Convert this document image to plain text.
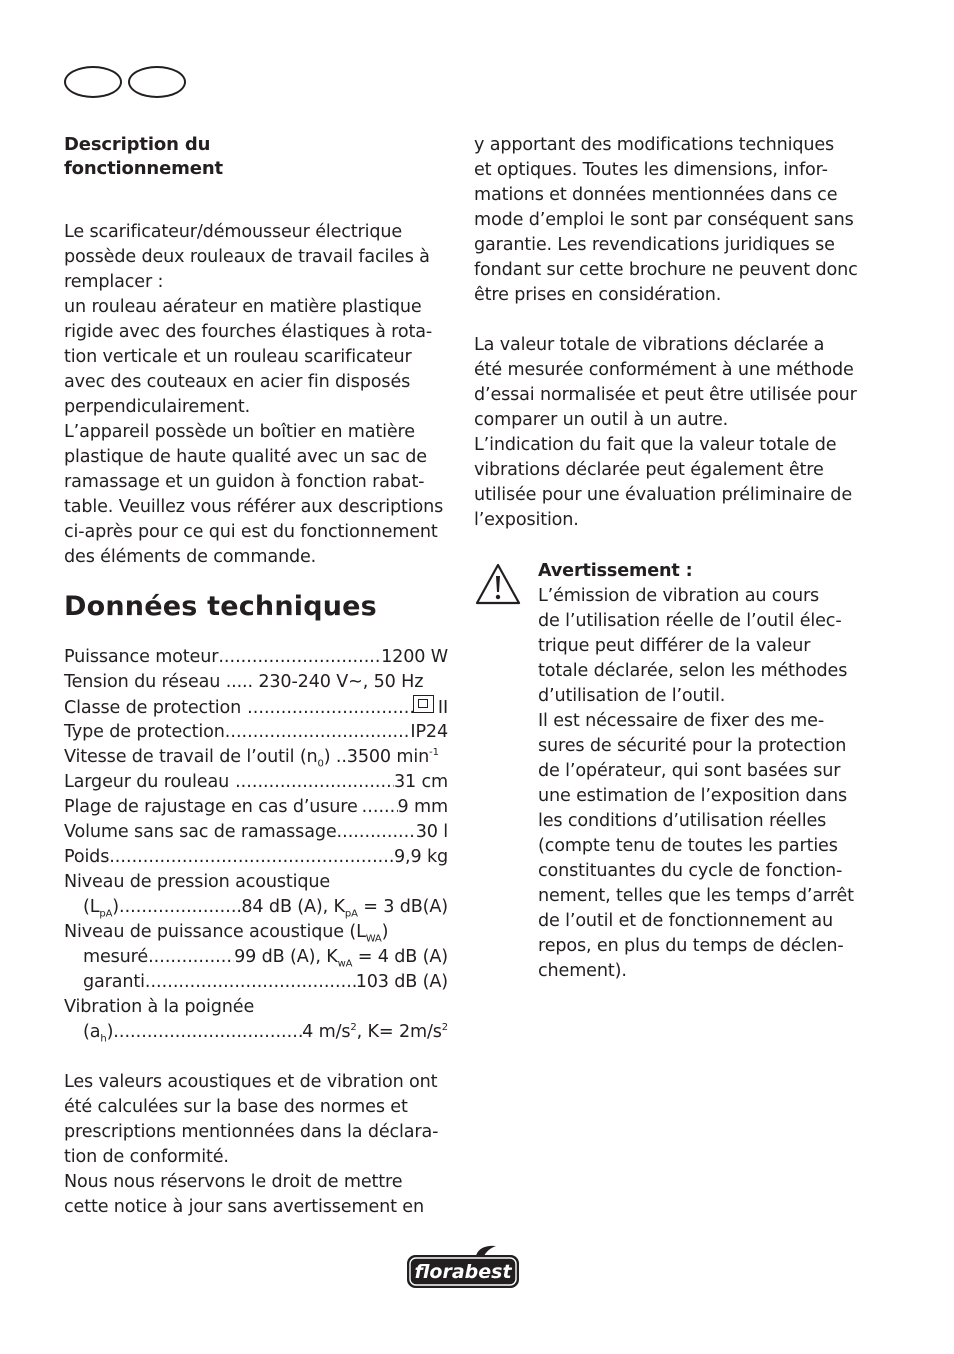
Description du
fonctionnement
Le scarificateur/démousseur électrique
possède deux rouleaux de travail faciles à
remplacer :
un rouleau aérateur en matière plastique
rigide avec des fourches élastiques à rota-
tion verticale et un rouleau scarificateur
avec des couteaux en acier fin disposés
perpendiculairement.
L’appareil possède un boîtier en matière
plastique de haute qualité avec un sac de
ramassage et un guidon à fonction rabat-
table. Veuillez vous référer aux descriptions
ci-après pour ce qui est du fonctionnement
des éléments de commande.
Données techniques
Puissance moteur .....	1200 W
Tension du réseau ..... 230-240 V~, 50 Hz
Classe de protection .....	II
Type de protection .....	IP24
Vitesse de travail de l’outil $(n_0)$ ..3500 $\min^{-1}$
Largeur du rouleau .....	31 cm
Plage de rajustage en cas d’usure ..... 9 mm
Volume sans sac de ramassage .....	30 l
Poids .....	9,9 kg
Niveau de pression acoustique
$(L_{pA})$ .....	84 dB (A), $K_{pA} = 3$ dB(A)
Niveau de puissance acoustique $(L_{WA})$
mesuré .....	99 dB (A), $K_{wA} = 4$ dB (A)
garanti .....	103 dB (A)
Vibration à la poignée
$(a_h)$ .....	4 $m/s^2$, $K= 2m/s^2$
Les valeurs acoustiques et de vibration ont
été calculées sur la base des normes et
prescriptions mentionnées dans la déclara-
tion de conformité.
Nous nous réservons le droit de mettre
cette notice à jour sans avertissement en
y apportant des modifications techniques
et optiques. Toutes les dimensions, infor-
mations et données mentionnées dans ce
mode d’emploi le sont par conséquent sans
garantie. Les revendications juridiques se
fondant sur cette brochure ne peuvent donc
être prises en considération.
La valeur totale de vibrations déclarée a
été mesurée conformément à une méthode
d’essai normalisée et peut être utilisée pour
comparer un outil à un autre.
L’indication du fait que la valeur totale de
vibrations déclarée peut également être
utilisée pour une évaluation préliminaire de
l’exposition.
Avertissement :
L’émission de vibration au cours
de l’utilisation réelle de l’outil élec-
trique peut différer de la valeur
totale déclarée, selon les méthodes
d’utilisation de l’outil.
Il est nécessaire de fixer des me-
sures de sécurité pour la protection
de l’opérateur, qui sont basées sur
une estimation de l’exposition dans
les conditions d’utilisation réelles
(compte tenu de toutes les parties
constituantes du cycle de fonction-
nement, telles que les temps d’arrêt
de l’outil et de fonctionnement au
repos, en plus du temps de déclen-
chement).
florabest
